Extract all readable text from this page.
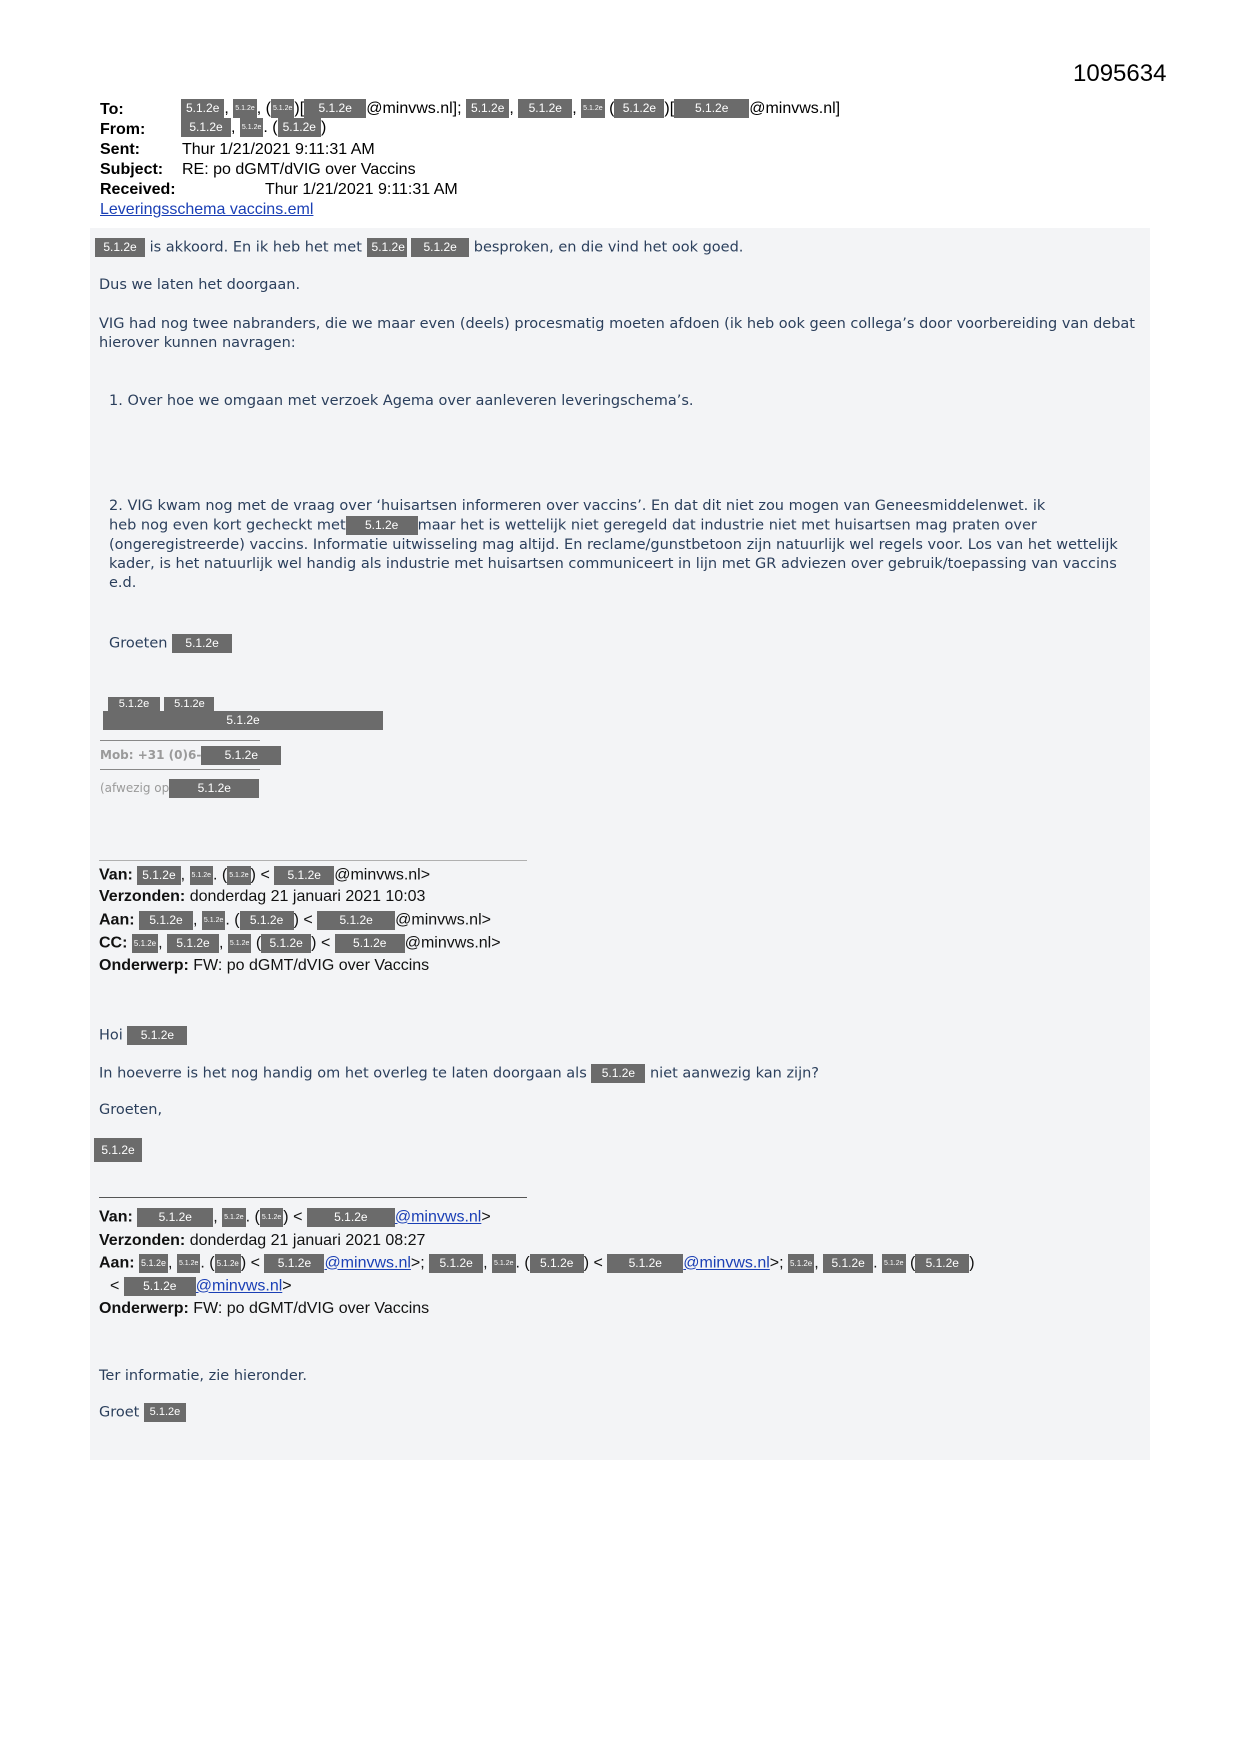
1095634
To:	5.1.2e , 5.1.2e , ( 5.1.2e )[ 5.1.2e @minvws.nl]; 5.1.2e , 5.1.2e , 5.1.2e ( 5.1.2e )[ 5.1.2e @minvws.nl]
From:	5.1.2e , 5.1.2e . ( 5.1.2e )
Sent:	Thur 1/21/2021 9:11:31 AM
Subject: RE: po dGMT/dVIG over Vaccins
Received:	Thur 1/21/2021 9:11:31 AM
Leveringsschema vaccins.eml
5.1.2e is akkoord. En ik heb het met 5.1.2e 5.1.2e besproken, en die vind het ook goed.
Dus we laten het doorgaan.
VIG had nog twee nabranders, die we maar even (deels) procesmatig moeten afdoen (ik heb ook geen collega’s door voorbereiding van debat hierover kunnen navragen:
1. Over hoe we omgaan met verzoek Agema over aanleveren leveringschema’s.
2. VIG kwam nog met de vraag over ‘huisartsen informeren over vaccins’. En dat dit niet zou mogen van Geneesmiddelenwet. ik
heb nog even kort gecheckt met 5.1.2e maar het is wettelijk niet geregeld dat industrie niet met huisartsen mag praten over
(ongeregistreerde) vaccins. Informatie uitwisseling mag altijd. En reclame/gunstbetoon zijn natuurlijk wel regels voor. Los van het wettelijk kader, is het natuurlijk wel handig als industrie met huisartsen communiceert in lijn met GR adviezen over gebruik/toepassing van vaccins e.d.
Groeten 5.1.2e
5.1.2e 5.1.2e
5.1.2e
Mob: +31 (0)6- 5.1.2e
(afwezig op 5.1.2e
Van: 5.1.2e , 5.1.2e . ( 5.1.2e ) < 5.1.2e @minvws.nl>
Verzonden: donderdag 21 januari 2021 10:03
Aan: 5.1.2e , 5.1.2e . ( 5.1.2e ) < 5.1.2e @minvws.nl>
CC: 5.1.2e , 5.1.2e , 5.1.2e ( 5.1.2e ) < 5.1.2e @minvws.nl>
Onderwerp: FW: po dGMT/dVIG over Vaccins
Hoi 5.1.2e
In hoeverre is het nog handig om het overleg te laten doorgaan als 5.1.2e niet aanwezig kan zijn?
Groeten,
5.1.2e
Van: 5.1.2e , 5.1.2e . ( 5.1.2e ) < 5.1.2e @minvws.nl>
Verzonden: donderdag 21 januari 2021 08:27
Aan: 5.1.2e , 5.1.2e . ( 5.1.2e ) < 5.1.2e @minvws.nl>; 5.1.2e , 5.1.2e . ( 5.1.2e ) < 5.1.2e @minvws.nl>; 5.1.2e , 5.1.2e . 5.1.2e ( 5.1.2e )
< 5.1.2e @minvws.nl>
Onderwerp: FW: po dGMT/dVIG over Vaccins
Ter informatie, zie hieronder.
Groet 5.1.2e
